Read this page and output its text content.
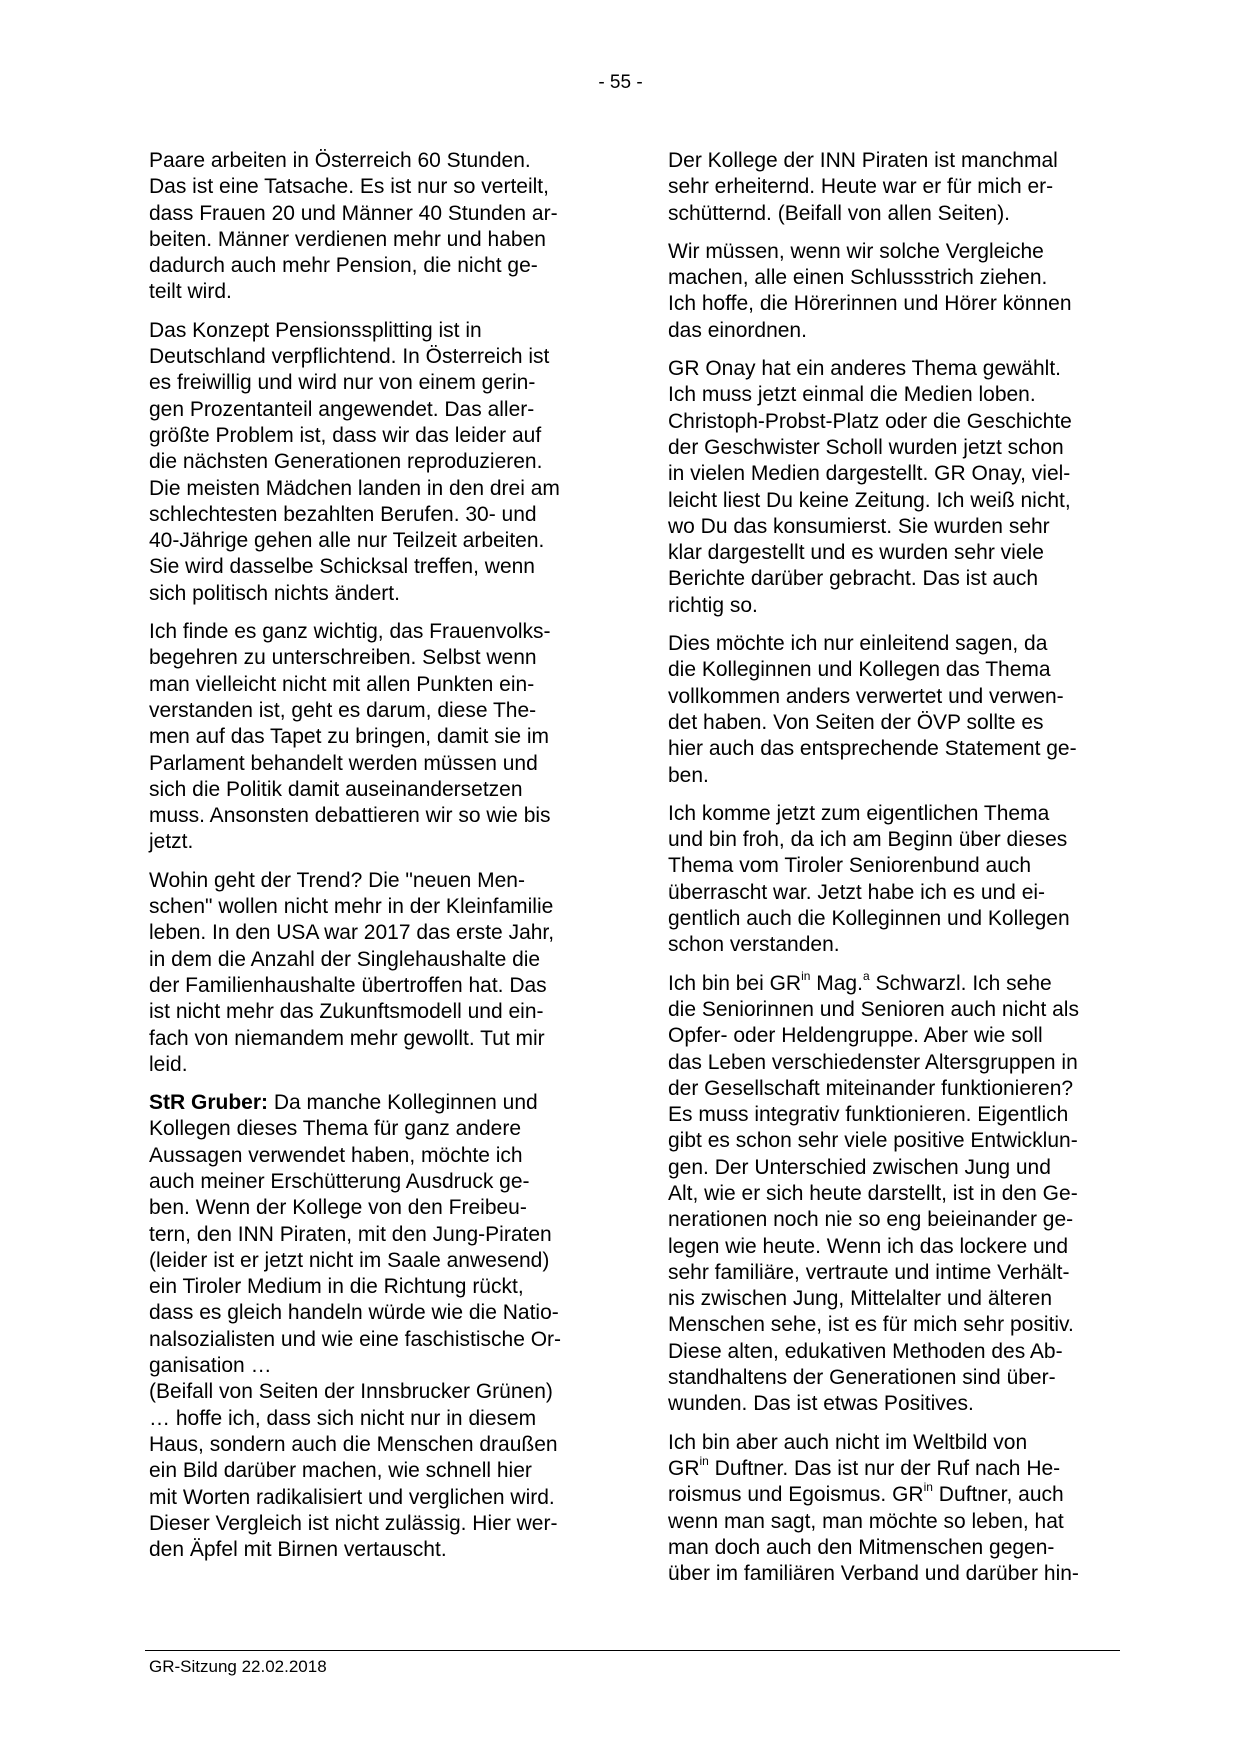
- 55 -

Paare arbeiten in Österreich 60 Stunden.
Das ist eine Tatsache. Es ist nur so verteilt,
dass Frauen 20 und Männer 40 Stunden ar-
beiten. Männer verdienen mehr und haben
dadurch auch mehr Pension, die nicht ge-
teilt wird.

Das Konzept Pensionssplitting ist in
Deutschland verpflichtend. In Österreich ist
es freiwillig und wird nur von einem gerin-
gen Prozentanteil angewendet. Das aller-
größte Problem ist, dass wir das leider auf
die nächsten Generationen reproduzieren.
Die meisten Mädchen landen in den drei am
schlechtesten bezahlten Berufen. 30- und
40-Jährige gehen alle nur Teilzeit arbeiten.
Sie wird dasselbe Schicksal treffen, wenn
sich politisch nichts ändert.

Ich finde es ganz wichtig, das Frauenvolks-
begehren zu unterschreiben. Selbst wenn
man vielleicht nicht mit allen Punkten ein-
verstanden ist, geht es darum, diese The-
men auf das Tapet zu bringen, damit sie im
Parlament behandelt werden müssen und
sich die Politik damit auseinandersetzen
muss. Ansonsten debattieren wir so wie bis
jetzt.

Wohin geht der Trend? Die "neuen Men-
schen" wollen nicht mehr in der Kleinfamilie
leben. In den USA war 2017 das erste Jahr,
in dem die Anzahl der Singlehaushalte die
der Familienhaushalte übertroffen hat. Das
ist nicht mehr das Zukunftsmodell und ein-
fach von niemandem mehr gewollt. Tut mir
leid.

StR Gruber: Da manche Kolleginnen und
Kollegen dieses Thema für ganz andere
Aussagen verwendet haben, möchte ich
auch meiner Erschütterung Ausdruck ge-
ben. Wenn der Kollege von den Freibeu-
tern, den INN Piraten, mit den Jung-Piraten
(leider ist er jetzt nicht im Saale anwesend)
ein Tiroler Medium in die Richtung rückt,
dass es gleich handeln würde wie die Natio-
nalsozialisten und wie eine faschistische Or-
ganisation …

(Beifall von Seiten der Innsbrucker Grünen)
… hoffe ich, dass sich nicht nur in diesem
Haus, sondern auch die Menschen draußen
ein Bild darüber machen, wie schnell hier
mit Worten radikalisiert und verglichen wird.
Dieser Vergleich ist nicht zulässig. Hier wer-
den Äpfel mit Birnen vertauscht.

Der Kollege der INN Piraten ist manchmal
sehr erheiternd. Heute war er für mich er-
schütternd. (Beifall von allen Seiten).

Wir müssen, wenn wir solche Vergleiche
machen, alle einen Schlussstrich ziehen.
Ich hoffe, die Hörerinnen und Hörer können
das einordnen.

GR Onay hat ein anderes Thema gewählt.
Ich muss jetzt einmal die Medien loben.
Christoph-Probst-Platz oder die Geschichte
der Geschwister Scholl wurden jetzt schon
in vielen Medien dargestellt. GR Onay, viel-
leicht liest Du keine Zeitung. Ich weiß nicht,
wo Du das konsumierst. Sie wurden sehr
klar dargestellt und es wurden sehr viele
Berichte darüber gebracht. Das ist auch
richtig so.

Dies möchte ich nur einleitend sagen, da
die Kolleginnen und Kollegen das Thema
vollkommen anders verwertet und verwen-
det haben. Von Seiten der ÖVP sollte es
hier auch das entsprechende Statement ge-
ben.

Ich komme jetzt zum eigentlichen Thema
und bin froh, da ich am Beginn über dieses
Thema vom Tiroler Seniorenbund auch
überrascht war. Jetzt habe ich es und ei-
gentlich auch die Kolleginnen und Kollegen
schon verstanden.

Ich bin bei $GR^{in}$ Mag.$^a$ Schwarzl. Ich sehe
die Seniorinnen und Senioren auch nicht als
Opfer- oder Heldengruppe. Aber wie soll
das Leben verschiedenster Altersgruppen in
der Gesellschaft miteinander funktionieren?
Es muss integrativ funktionieren. Eigentlich
gibt es schon sehr viele positive Entwicklun-
gen. Der Unterschied zwischen Jung und
Alt, wie er sich heute darstellt, ist in den Ge-
nerationen noch nie so eng beieinander ge-
legen wie heute. Wenn ich das lockere und
sehr familiäre, vertraute und intime Verhält-
nis zwischen Jung, Mittelalter und älteren
Menschen sehe, ist es für mich sehr positiv.
Diese alten, edukativen Methoden des Ab-
standhaltens der Generationen sind über-
wunden. Das ist etwas Positives.

Ich bin aber auch nicht im Weltbild von
$GR^{in}$ Duftner. Das ist nur der Ruf nach He-
roismus und Egoismus. $GR^{in}$ Duftner, auch
wenn man sagt, man möchte so leben, hat
man doch auch den Mitmenschen gegen-
über im familiären Verband und darüber hin-

GR-Sitzung 22.02.2018
